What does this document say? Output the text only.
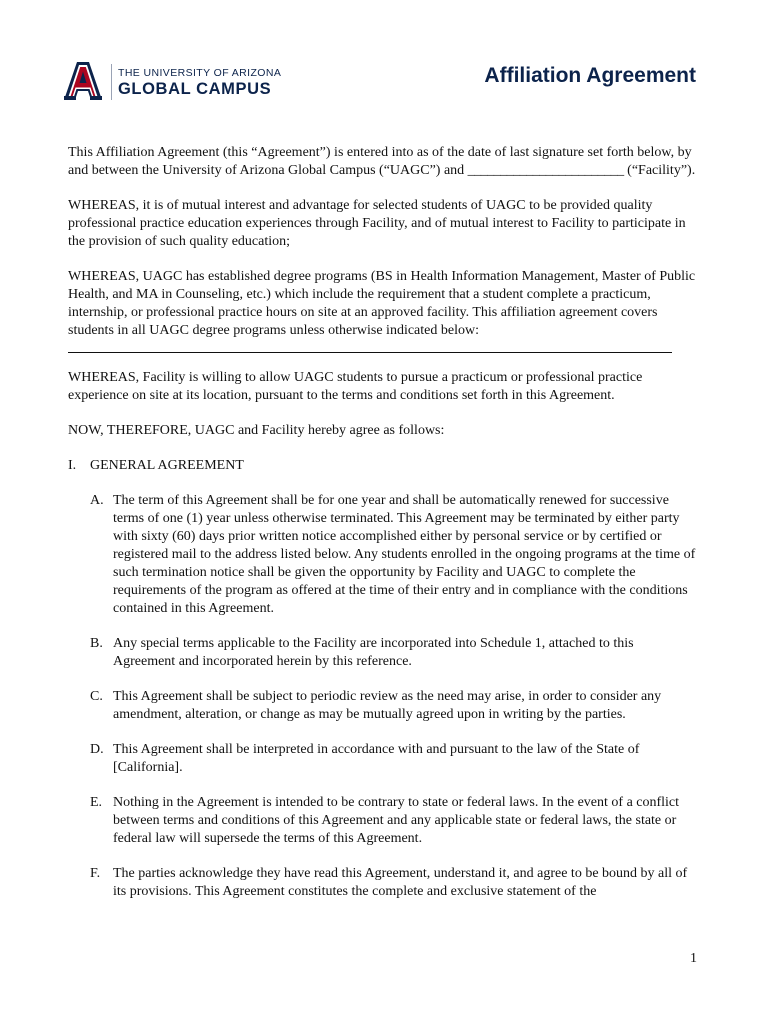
THE UNIVERSITY OF ARIZONA
GLOBAL CAMPUS
Affiliation Agreement

This Affiliation Agreement (this “Agreement”) is entered into as of the date of last signature set forth below, by and between the University of Arizona Global Campus (“UAGC”) and ________________________ (“Facility”).

WHEREAS, it is of mutual interest and advantage for selected students of UAGC to be provided quality professional practice education experiences through Facility, and of mutual interest to Facility to participate in the provision of such quality education;

WHEREAS, UAGC has established degree programs (BS in Health Information Management, Master of Public Health, and MA in Counseling, etc.) which include the requirement that a student complete a practicum, internship, or professional practice hours on site at an approved facility. This affiliation agreement covers students in all UAGC degree programs unless otherwise indicated below:

WHEREAS, Facility is willing to allow UAGC students to pursue a practicum or professional practice experience on site at its location, pursuant to the terms and conditions set forth in this Agreement.

NOW, THEREFORE, UAGC and Facility hereby agree as follows:

I. GENERAL AGREEMENT

A. The term of this Agreement shall be for one year and shall be automatically renewed for successive terms of one (1) year unless otherwise terminated. This Agreement may be terminated by either party with sixty (60) days prior written notice accomplished either by personal service or by certified or registered mail to the address listed below. Any students enrolled in the ongoing programs at the time of such termination notice shall be given the opportunity by Facility and UAGC to complete the requirements of the program as offered at the time of their entry and in compliance with the conditions contained in this Agreement.
B. Any special terms applicable to the Facility are incorporated into Schedule 1, attached to this Agreement and incorporated herein by this reference.
C. This Agreement shall be subject to periodic review as the need may arise, in order to consider any amendment, alteration, or change as may be mutually agreed upon in writing by the parties.
D. This Agreement shall be interpreted in accordance with and pursuant to the law of the State of [California].
E. Nothing in the Agreement is intended to be contrary to state or federal laws. In the event of a conflict between terms and conditions of this Agreement and any applicable state or federal laws, the state or federal law will supersede the terms of this Agreement.
F. The parties acknowledge they have read this Agreement, understand it, and agree to be bound by all of its provisions. This Agreement constitutes the complete and exclusive statement of the
1
